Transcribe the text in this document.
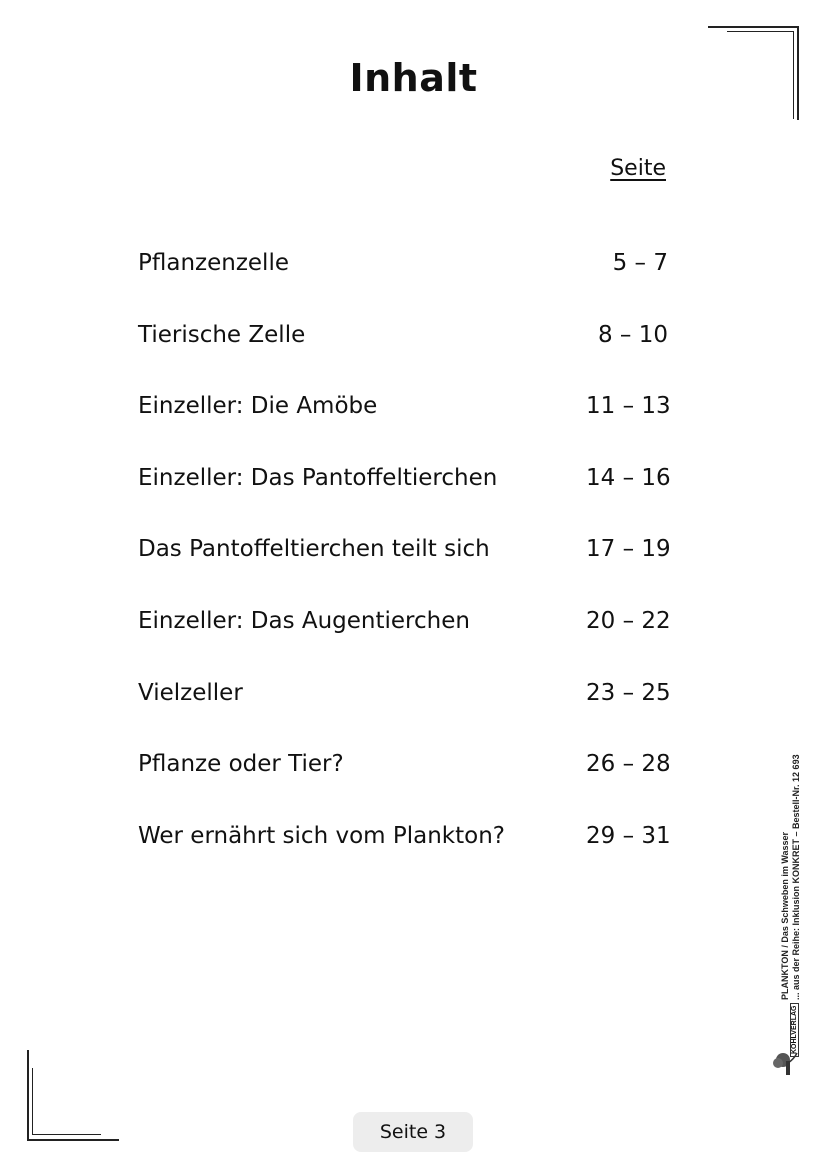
Inhalt
Seite
Pflanzenzelle	5 – 7
Tierische Zelle	8 – 10
Einzeller: Die Amöbe	11 – 13
Einzeller: Das Pantoffeltierchen	14 – 16
Das Pantoffeltierchen teilt sich	17 – 19
Einzeller: Das Augentierchen	20 – 22
Vielzeller	23 – 25
Pflanze oder Tier?	26 – 28
Wer ernährt sich vom Plankton?	29 – 31	PLANKTON / Das Schweben im Wasser ... aus der Reihe: Inklusion KONKRET – Bestell-Nr. 12 693
KOHLVERLAG
Seite 3
